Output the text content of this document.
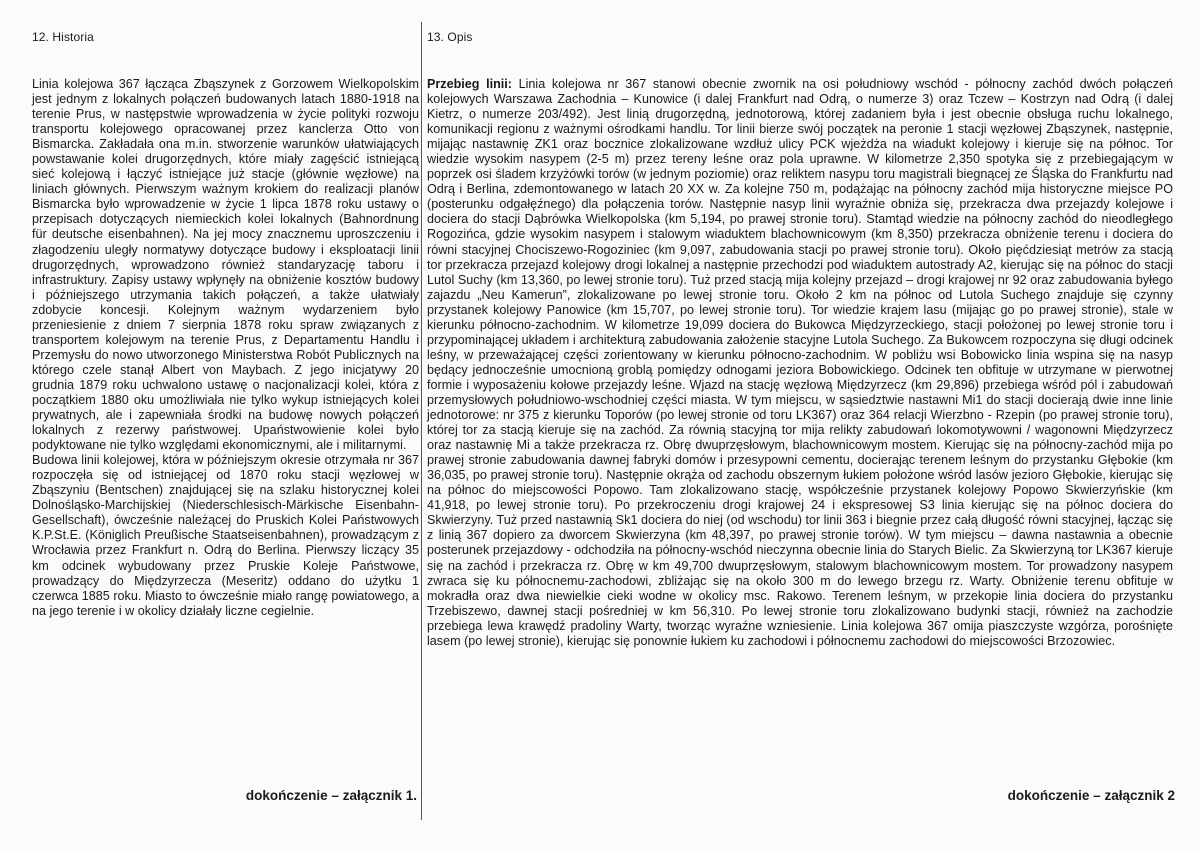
12. Historia

Linia kolejowa 367 łącząca Zbąszynek z Gorzowem Wielkopolskim jest jednym z lokalnych połączeń budowanych latach 1880-1918 na terenie Prus, w następstwie wprowadzenia w życie polityki rozwoju transportu kolejowego opracowanej przez kanclerza Otto von Bismarcka. Zakładała ona m.in. stworzenie warunków ułatwiających powstawanie kolei drugorzędnych, które miały zagęścić istniejącą sieć kolejową i łączyć istniejące już stacje (głównie węzłowe) na liniach głównych. Pierwszym ważnym krokiem do realizacji planów Bismarcka było wprowadzenie w życie 1 lipca 1878 roku ustawy o przepisach dotyczących niemieckich kolei lokalnych (Bahnordnung für deutsche eisenbahnen). Na jej mocy znacznemu uproszczeniu i złagodzeniu uległy normatywy dotyczące budowy i eksploatacji linii drugorzędnych, wprowadzono również standaryzację taboru i infrastruktury. Zapisy ustawy wpłynęły na obniżenie kosztów budowy i późniejszego utrzymania takich połączeń, a także ułatwiały zdobycie koncesji. Kolejnym ważnym wydarzeniem było przeniesienie z dniem 7 sierpnia 1878 roku spraw związanych z transportem kolejowym na terenie Prus, z Departamentu Handlu i Przemysłu do nowo utworzonego Ministerstwa Robót Publicznych na którego czele stanął Albert von Maybach. Z jego inicjatywy 20 grudnia 1879 roku uchwalono ustawę o nacjonalizacji kolei, która z początkiem 1880 oku umożliwiała nie tylko wykup istniejących kolei prywatnych, ale i zapewniała środki na budowę nowych połączeń lokalnych z rezerwy państwowej. Upaństwowienie kolei było podyktowane nie tylko względami ekonomicznymi, ale i militarnymi.

Budowa linii kolejowej, która w późniejszym okresie otrzymała nr 367 rozpoczęła się od istniejącej od 1870 roku stacji węzłowej w Zbąszyniu (Bentschen) znajdującej się na szlaku historycznej kolei Dolnośląsko-Marchijskiej (Niederschlesisch-Märkische Eisenbahn-Gesellschaft), ówcześnie należącej do Pruskich Kolei Państwowych K.P.St.E. (Königlich Preußische Staatseisenbahnen), prowadzącym z Wrocławia przez Frankfurt n. Odrą do Berlina. Pierwszy liczący 35 km odcinek wybudowany przez Pruskie Koleje Państwowe, prowadzący do Międzyrzecza (Meseritz) oddano do użytku 1 czerwca 1885 roku. Miasto to ówcześnie miało rangę powiatowego, a na jego terenie i w okolicy działały liczne cegielnie.

dokończenie – załącznik 1.
13. Opis

Przebieg linii: Linia kolejowa nr 367 stanowi obecnie zwornik na osi południowy wschód - północny zachód dwóch połączeń kolejowych Warszawa Zachodnia – Kunowice (i dalej Frankfurt nad Odrą, o numerze 3) oraz Tczew – Kostrzyn nad Odrą (i dalej Kietrz, o numerze 203/492). Jest linią drugorzędną, jednotorową, której zadaniem była i jest obecnie obsługa ruchu lokalnego, komunikacji regionu z ważnymi ośrodkami handlu. Tor linii bierze swój początek na peronie 1 stacji węzłowej Zbąszynek, następnie, mijając nastawnię ZK1 oraz bocznice zlokalizowane wzdłuż ulicy PCK wjeżdża na wiadukt kolejowy i kieruje się na północ. Tor wiedzie wysokim nasypem (2-5 m) przez tereny leśne oraz pola uprawne. W kilometrze 2,350 spotyka się z przebiegającym w poprzek osi śladem krzyżówki torów (w jednym poziomie) oraz reliktem nasypu toru magistrali biegnącej ze Śląska do Frankfurtu nad Odrą i Berlina, zdemontowanego w latach 20 XX w. Za kolejne 750 m, podążając na północny zachód mija historyczne miejsce PO (posterunku odgałęźnego) dla połączenia torów. Następnie nasyp linii wyraźnie obniża się, przekracza dwa przejazdy kolejowe i dociera do stacji Dąbrówka Wielkopolska (km 5,194, po prawej stronie toru). Stamtąd wiedzie na północny zachód do nieodległego Rogozińca, gdzie wysokim nasypem i stalowym wiaduktem blachownicowym (km 8,350) przekracza obniżenie terenu i dociera do równi stacyjnej Chociszewo-Rogoziniec (km 9,097, zabudowania stacji po prawej stronie toru). Około pięćdziesiąt metrów za stacją tor przekracza przejazd kolejowy drogi lokalnej a następnie przechodzi pod wiaduktem autostrady A2, kierując się na północ do stacji Lutol Suchy (km 13,360, po lewej stronie toru). Tuż przed stacją mija kolejny przejazd – drogi krajowej nr 92 oraz zabudowania byłego zajazdu „Neu Kamerun”, zlokalizowane po lewej stronie toru. Około 2 km na północ od Lutola Suchego znajduje się czynny przystanek kolejowy Panowice (km 15,707, po lewej stronie toru). Tor wiedzie krajem lasu (mijając go po prawej stronie), stale w kierunku północno-zachodnim. W kilometrze 19,099 dociera do Bukowca Międzyrzeckiego, stacji położonej po lewej stronie toru i przypominającej układem i architekturą zabudowania założenie stacyjne Lutola Suchego. Za Bukowcem rozpoczyna się długi odcinek leśny, w przeważającej części zorientowany w kierunku północno-zachodnim. W pobliżu wsi Bobowicko linia wspina się na nasyp będący jednocześnie umocnioną groblą pomiędzy odnogami jeziora Bobowickiego. Odcinek ten obfituje w utrzymane w pierwotnej formie i wyposażeniu kołowe przejazdy leśne. Wjazd na stację węzłową Międzyrzecz (km 29,896) przebiega wśród pól i zabudowań przemysłowych południowo-wschodniej części miasta. W tym miejscu, w sąsiedztwie nastawni Mi1 do stacji docierają dwie inne linie jednotorowe: nr 375 z kierunku Toporów (po lewej stronie od toru LK367) oraz 364 relacji Wierzbno - Rzepin (po prawej stronie toru), której tor za stacją kieruje się na zachód. Za równią stacyjną tor mija relikty zabudowań lokomotywowni / wagonowni Międzyrzecz oraz nastawnię Mi a także przekracza rz. Obrę dwuprzęsłowym, blachownicowym mostem. Kierując się na północny-zachód mija po prawej stronie zabudowania dawnej fabryki domów i przesypowni cementu, docierając terenem leśnym do przystanku Głębokie (km 36,035, po prawej stronie toru). Następnie okrąża od zachodu obszernym łukiem położone wśród lasów jezioro Głębokie, kierując się na północ do miejscowości Popowo. Tam zlokalizowano stację, współcześnie przystanek kolejowy Popowo Skwierzyńskie (km 41,918, po lewej stronie toru). Po przekroczeniu drogi krajowej 24 i ekspresowej S3 linia kierując się na północ dociera do Skwierzyny. Tuż przed nastawnią Sk1 dociera do niej (od wschodu) tor linii 363 i biegnie przez całą długość równi stacyjnej, łącząc się z linią 367 dopiero za dworcem Skwierzyna (km 48,397, po prawej stronie torów). W tym miejscu – dawna nastawnia a obecnie posterunek przejazdowy - odchodziła na północny-wschód nieczynna obecnie linia do Starych Bielic. Za Skwierzyną tor LK367 kieruje się na zachód i przekracza rz. Obrę w km 49,700 dwuprzęsłowym, stalowym blachownicowym mostem. Tor prowadzony nasypem zwraca się ku północnemu-zachodowi, zbliżając się na około 300 m do lewego brzegu rz. Warty. Obniżenie terenu obfituje w mokradła oraz dwa niewielkie cieki wodne w okolicy msc. Rakowo. Terenem leśnym, w przekopie linia dociera do przystanku Trzebiszewo, dawnej stacji pośredniej w km 56,310. Po lewej stronie toru zlokalizowano budynki stacji, również na zachodzie przebiega lewa krawędź pradoliny Warty, tworząc wyraźne wzniesienie. Linia kolejowa 367 omija piaszczyste wzgórza, porośnięte lasem (po lewej stronie), kierując się ponownie łukiem ku zachodowi i północnemu zachodowi do miejscowości Brzozowiec.

dokończenie – załącznik 2
